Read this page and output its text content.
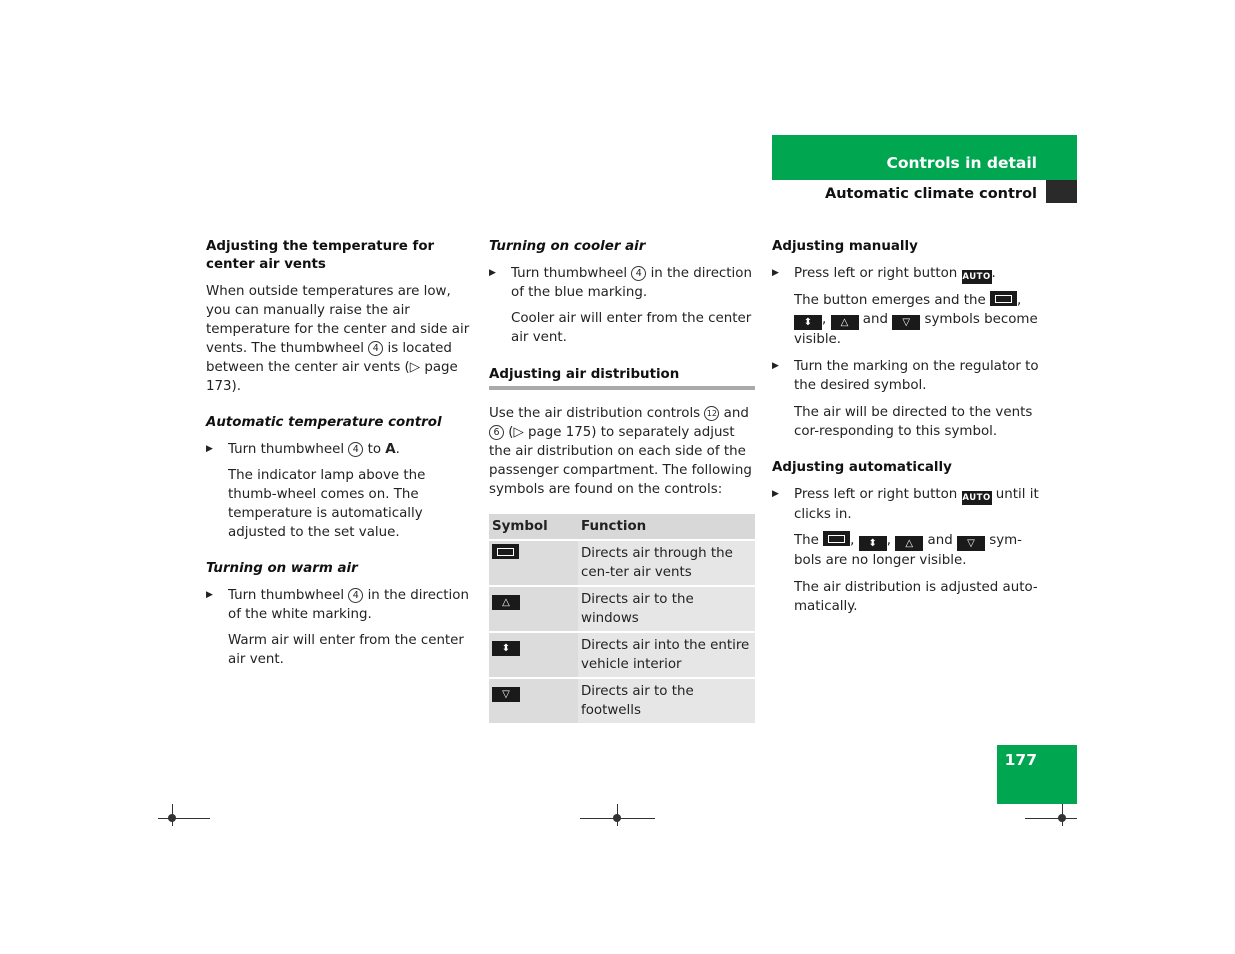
Controls in detail
Automatic climate control

Adjusting the temperature for center air vents

When outside temperatures are low, you can manually raise the air temperature for the center and side air vents. The thumbwheel 4 is located between the center air vents (▷ page 173).

Automatic temperature control

▶ Turn thumbwheel 4 to A.

The indicator lamp above the thumb-wheel comes on. The temperature is automatically adjusted to the set value.

Turning on warm air

▶ Turn thumbwheel 4 in the direction of the white marking.

Warm air will enter from the center air vent.

Turning on cooler air

▶ Turn thumbwheel 4 in the direction of the blue marking.

Cooler air will enter from the center air vent.

Adjusting air distribution

Use the air distribution controls 12 and 6 (▷ page 175) to separately adjust the air distribution on each side of the passenger compartment. The following symbols are found on the controls:

Symbol	Function
	Directs air through the cen-ter air vents
△	Directs air to the windows
⬍	Directs air into the entire vehicle interior
▽	Directs air to the footwells

Adjusting manually

▶ Press left or right button AUTO.

The button emerges and the , ⬍ , △ and ▽ symbols become visible.

▶ Turn the marking on the regulator to the desired symbol.

The air will be directed to the vents cor-responding to this symbol.

Adjusting automatically

▶ Press left or right button AUTO until it clicks in.

The , ⬍ , △ and ▽ sym-bols are no longer visible.

The air distribution is adjusted auto-matically.

177
